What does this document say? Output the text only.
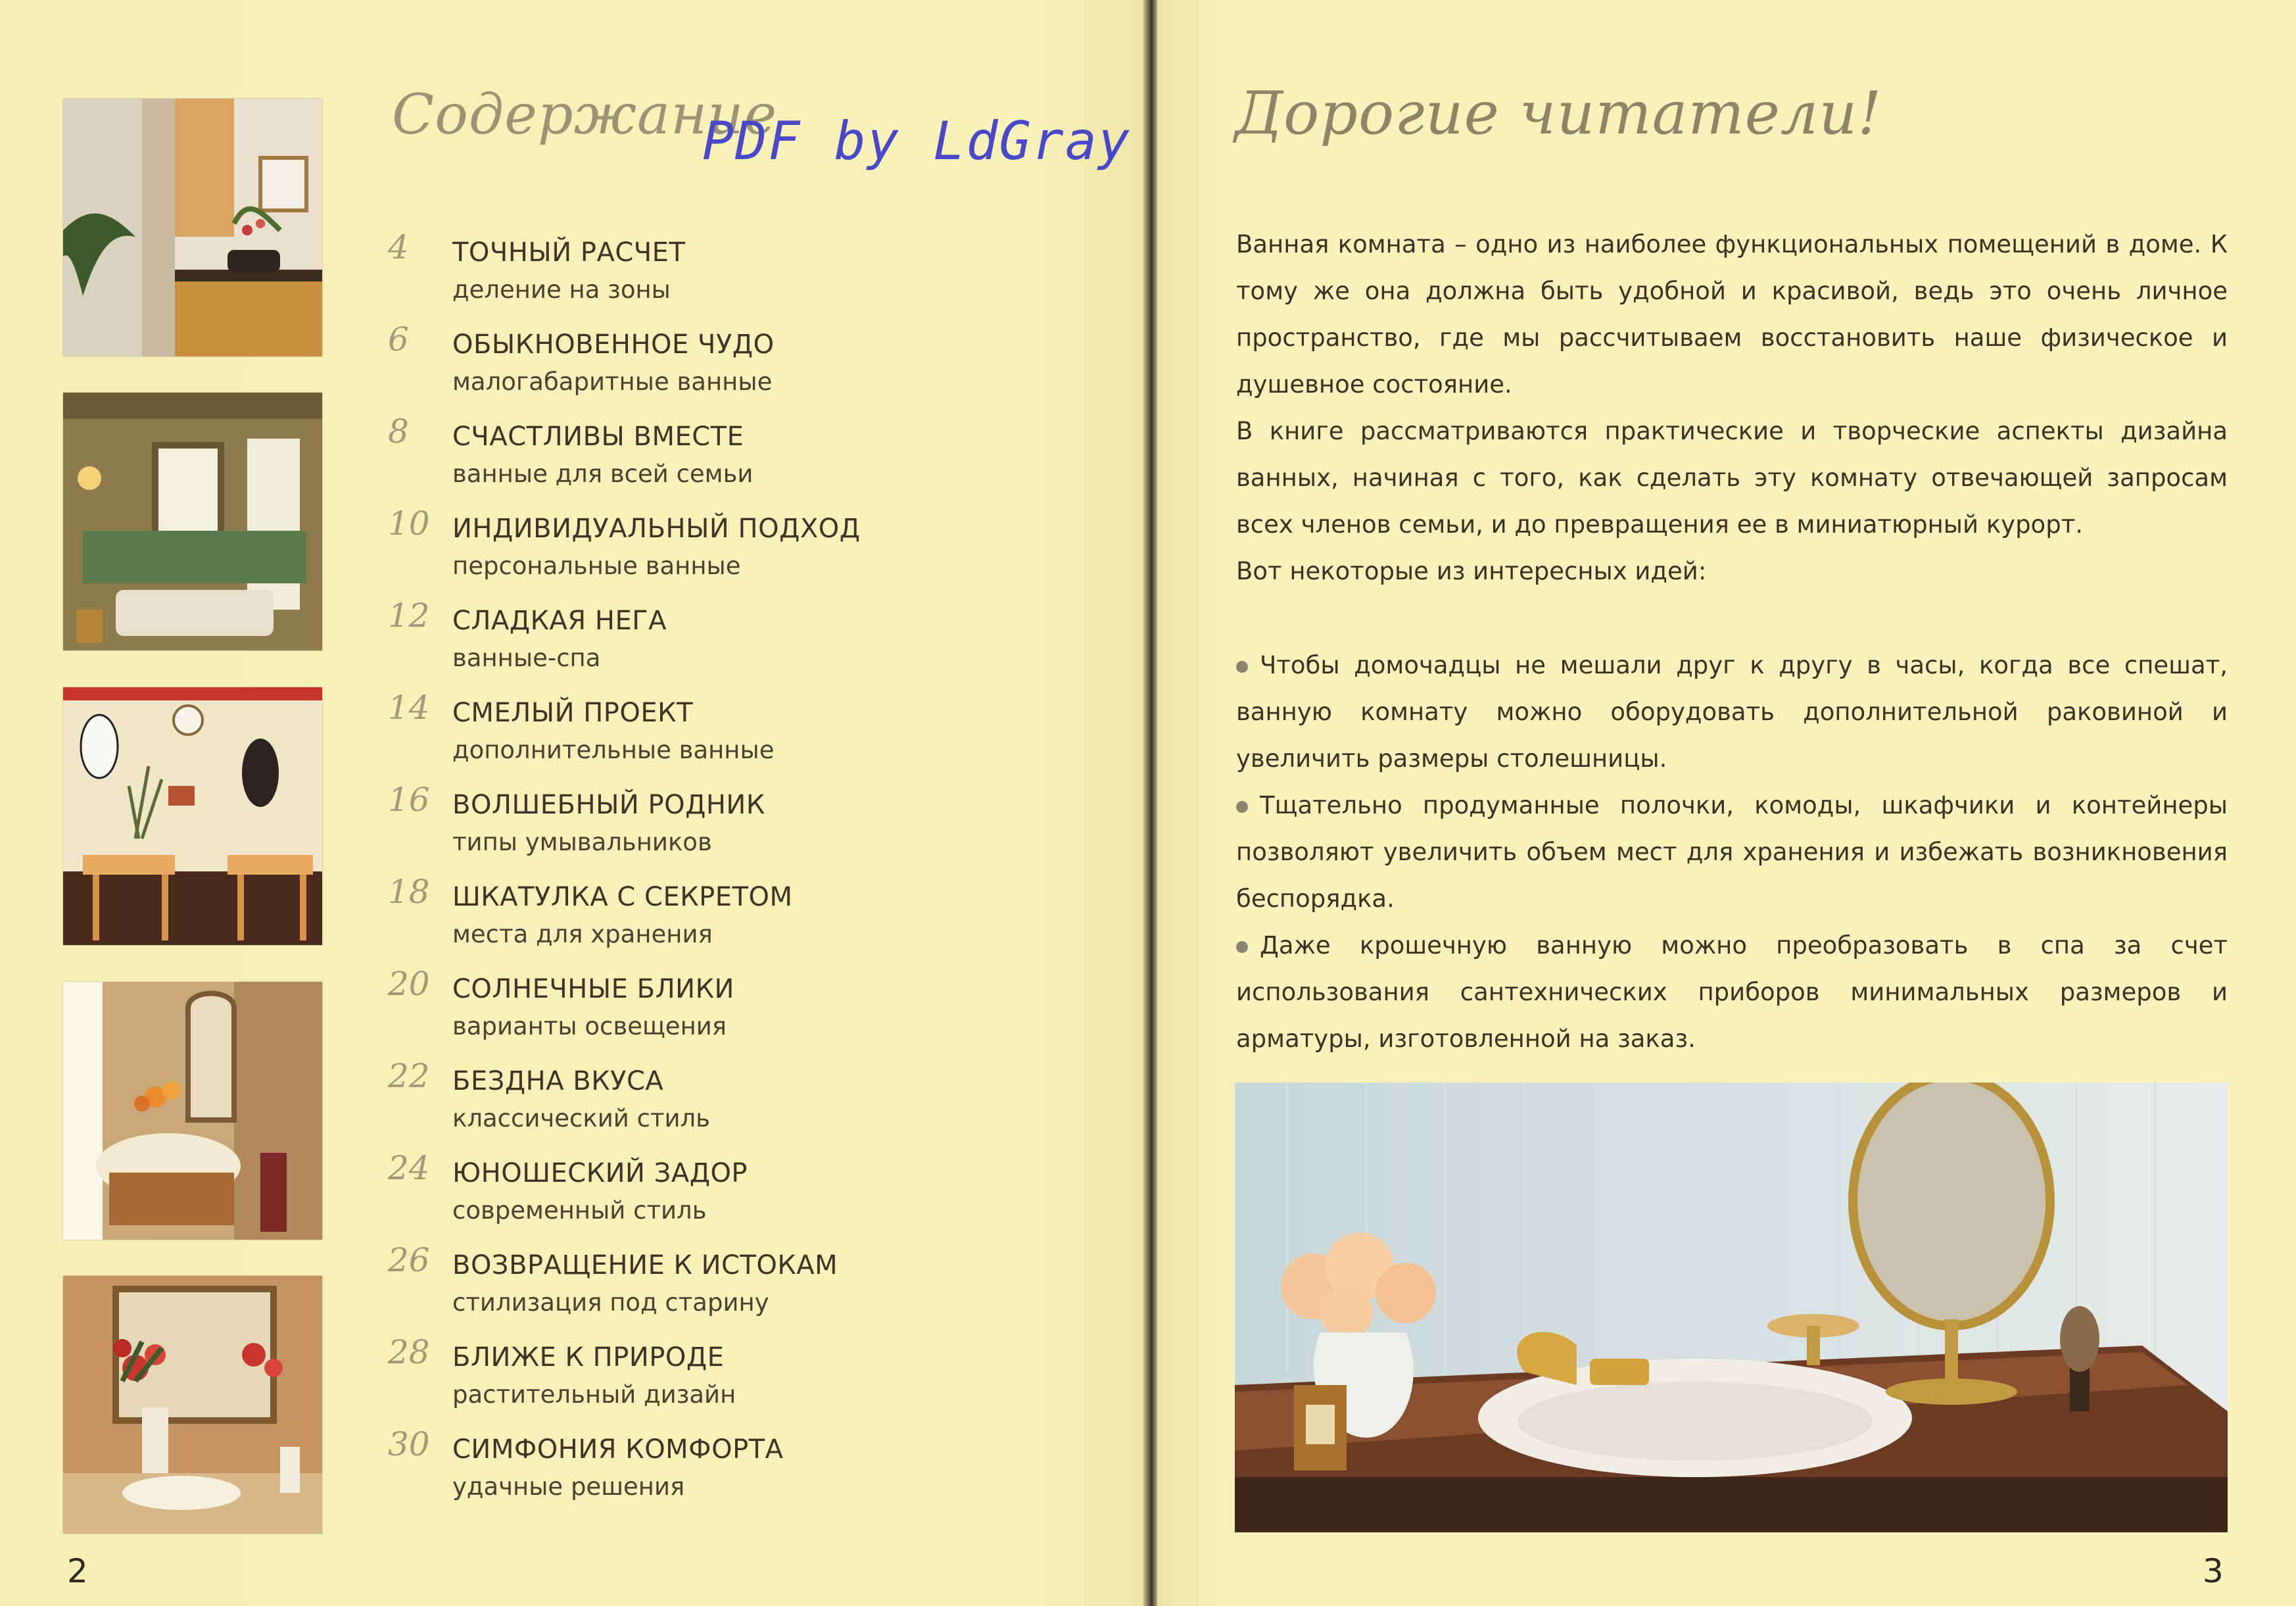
Содержание
PDF by LdGray
4	ТОЧНЫЙ РАСЧЕТ
деление на зоны
6	ОБЫКНОВЕННОЕ ЧУДО
малогабаритные ванные
8	СЧАСТЛИВЫ ВМЕСТЕ
ванные для всей семьи
10 ИНДИВИДУАЛЬНЫЙ ПОДХОД
персональные ванные
12 СЛАДКАЯ НЕГА
ванные-спа
14 СМЕЛЫЙ ПРОЕКТ
дополнительные ванные
16 ВОЛШЕБНЫЙ РОДНИК
типы умывальников
18 ШКАТУЛКА С СЕКРЕТОМ
места для хранения
20 СОЛНЕЧНЫЕ БЛИКИ
варианты освещения
22 БЕЗДНА ВКУСА
классический стиль
24 ЮНОШЕСКИЙ ЗАДОР
современный стиль
26 ВОЗВРАЩЕНИЕ К ИСТОКАМ
стилизация под старину
28 БЛИЖЕ К ПРИРОДЕ
растительный дизайн
30 СИМФОНИЯ КОМФОРТА
удачные решения
2
Дорогие читатели!

Ванная комната – одно из наиболее функциональных помещений в доме. К тому же она должна быть удобной и красивой, ведь это очень личное пространство, где мы рассчитываем восстановить наше физическое и душевное состояние.

В книге рассматриваются практические и творческие аспекты дизайна ванных, начиная с того, как сделать эту комнату отвечающей запросам всех членов семьи, и до превращения ее в миниатюрный курорт.

Вот некоторые из интересных идей:

Чтобы домочадцы не мешали друг к другу в часы, когда все спешат, ванную комнату можно оборудовать дополнительной раковиной и увеличить размеры столешницы.

Тщательно продуманные полочки, комоды, шкафчики и контейнеры позволяют увеличить объем мест для хранения и избежать возникновения беспорядка.

Даже крошечную ванную можно преобразовать в спа за счет использования сантехнических приборов минимальных размеров и арматуры, изготовленной на заказ.

3
